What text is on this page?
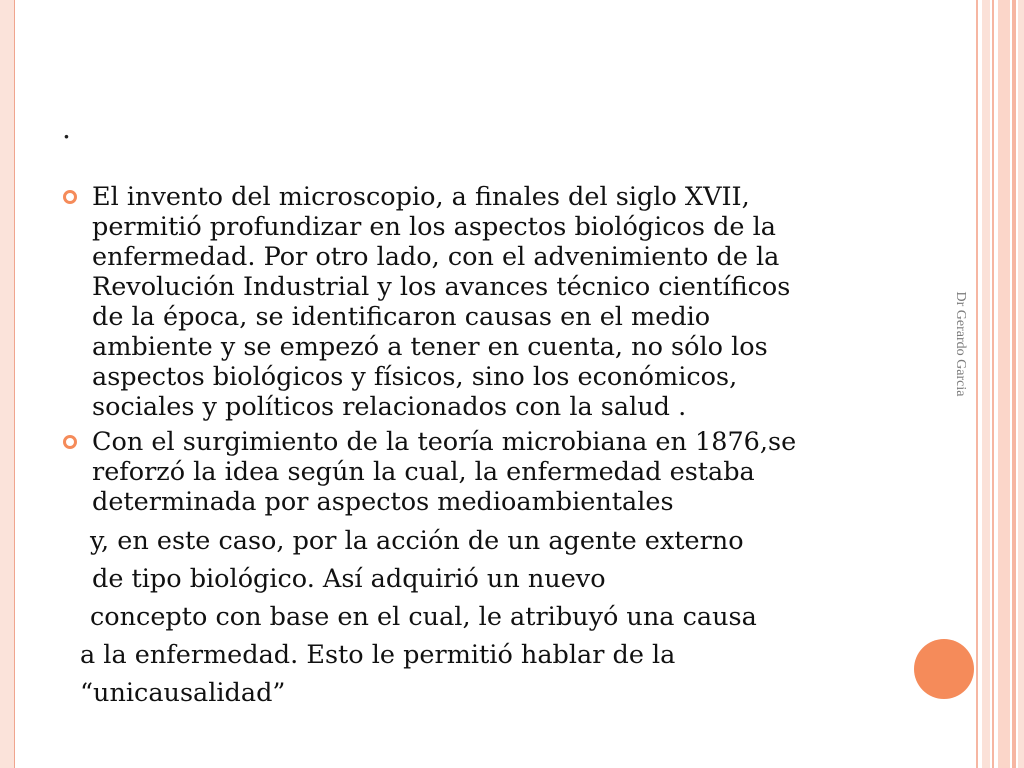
Dr Gerardo Garcia
.
El invento del microscopio, a finales del siglo XVII,
permitió profundizar en los aspectos biológicos de la
enfermedad. Por otro lado, con el advenimiento de la
Revolución Industrial y los avances técnico científicos
de la época, se identificaron causas en el medio
ambiente y se empezó a tener en cuenta, no sólo los
aspectos biológicos y físicos, sino los económicos,
sociales y políticos relacionados con la salud .
Con el surgimiento de la teoría microbiana en 1876,se
reforzó la idea según la cual, la enfermedad estaba
determinada por aspectos medioambientales
y, en este caso, por la acción de un agente externo
de tipo biológico. Así adquirió un nuevo
concepto con base en el cual, le atribuyó una causa
a la enfermedad. Esto le permitió hablar de la
“unicausalidad”
